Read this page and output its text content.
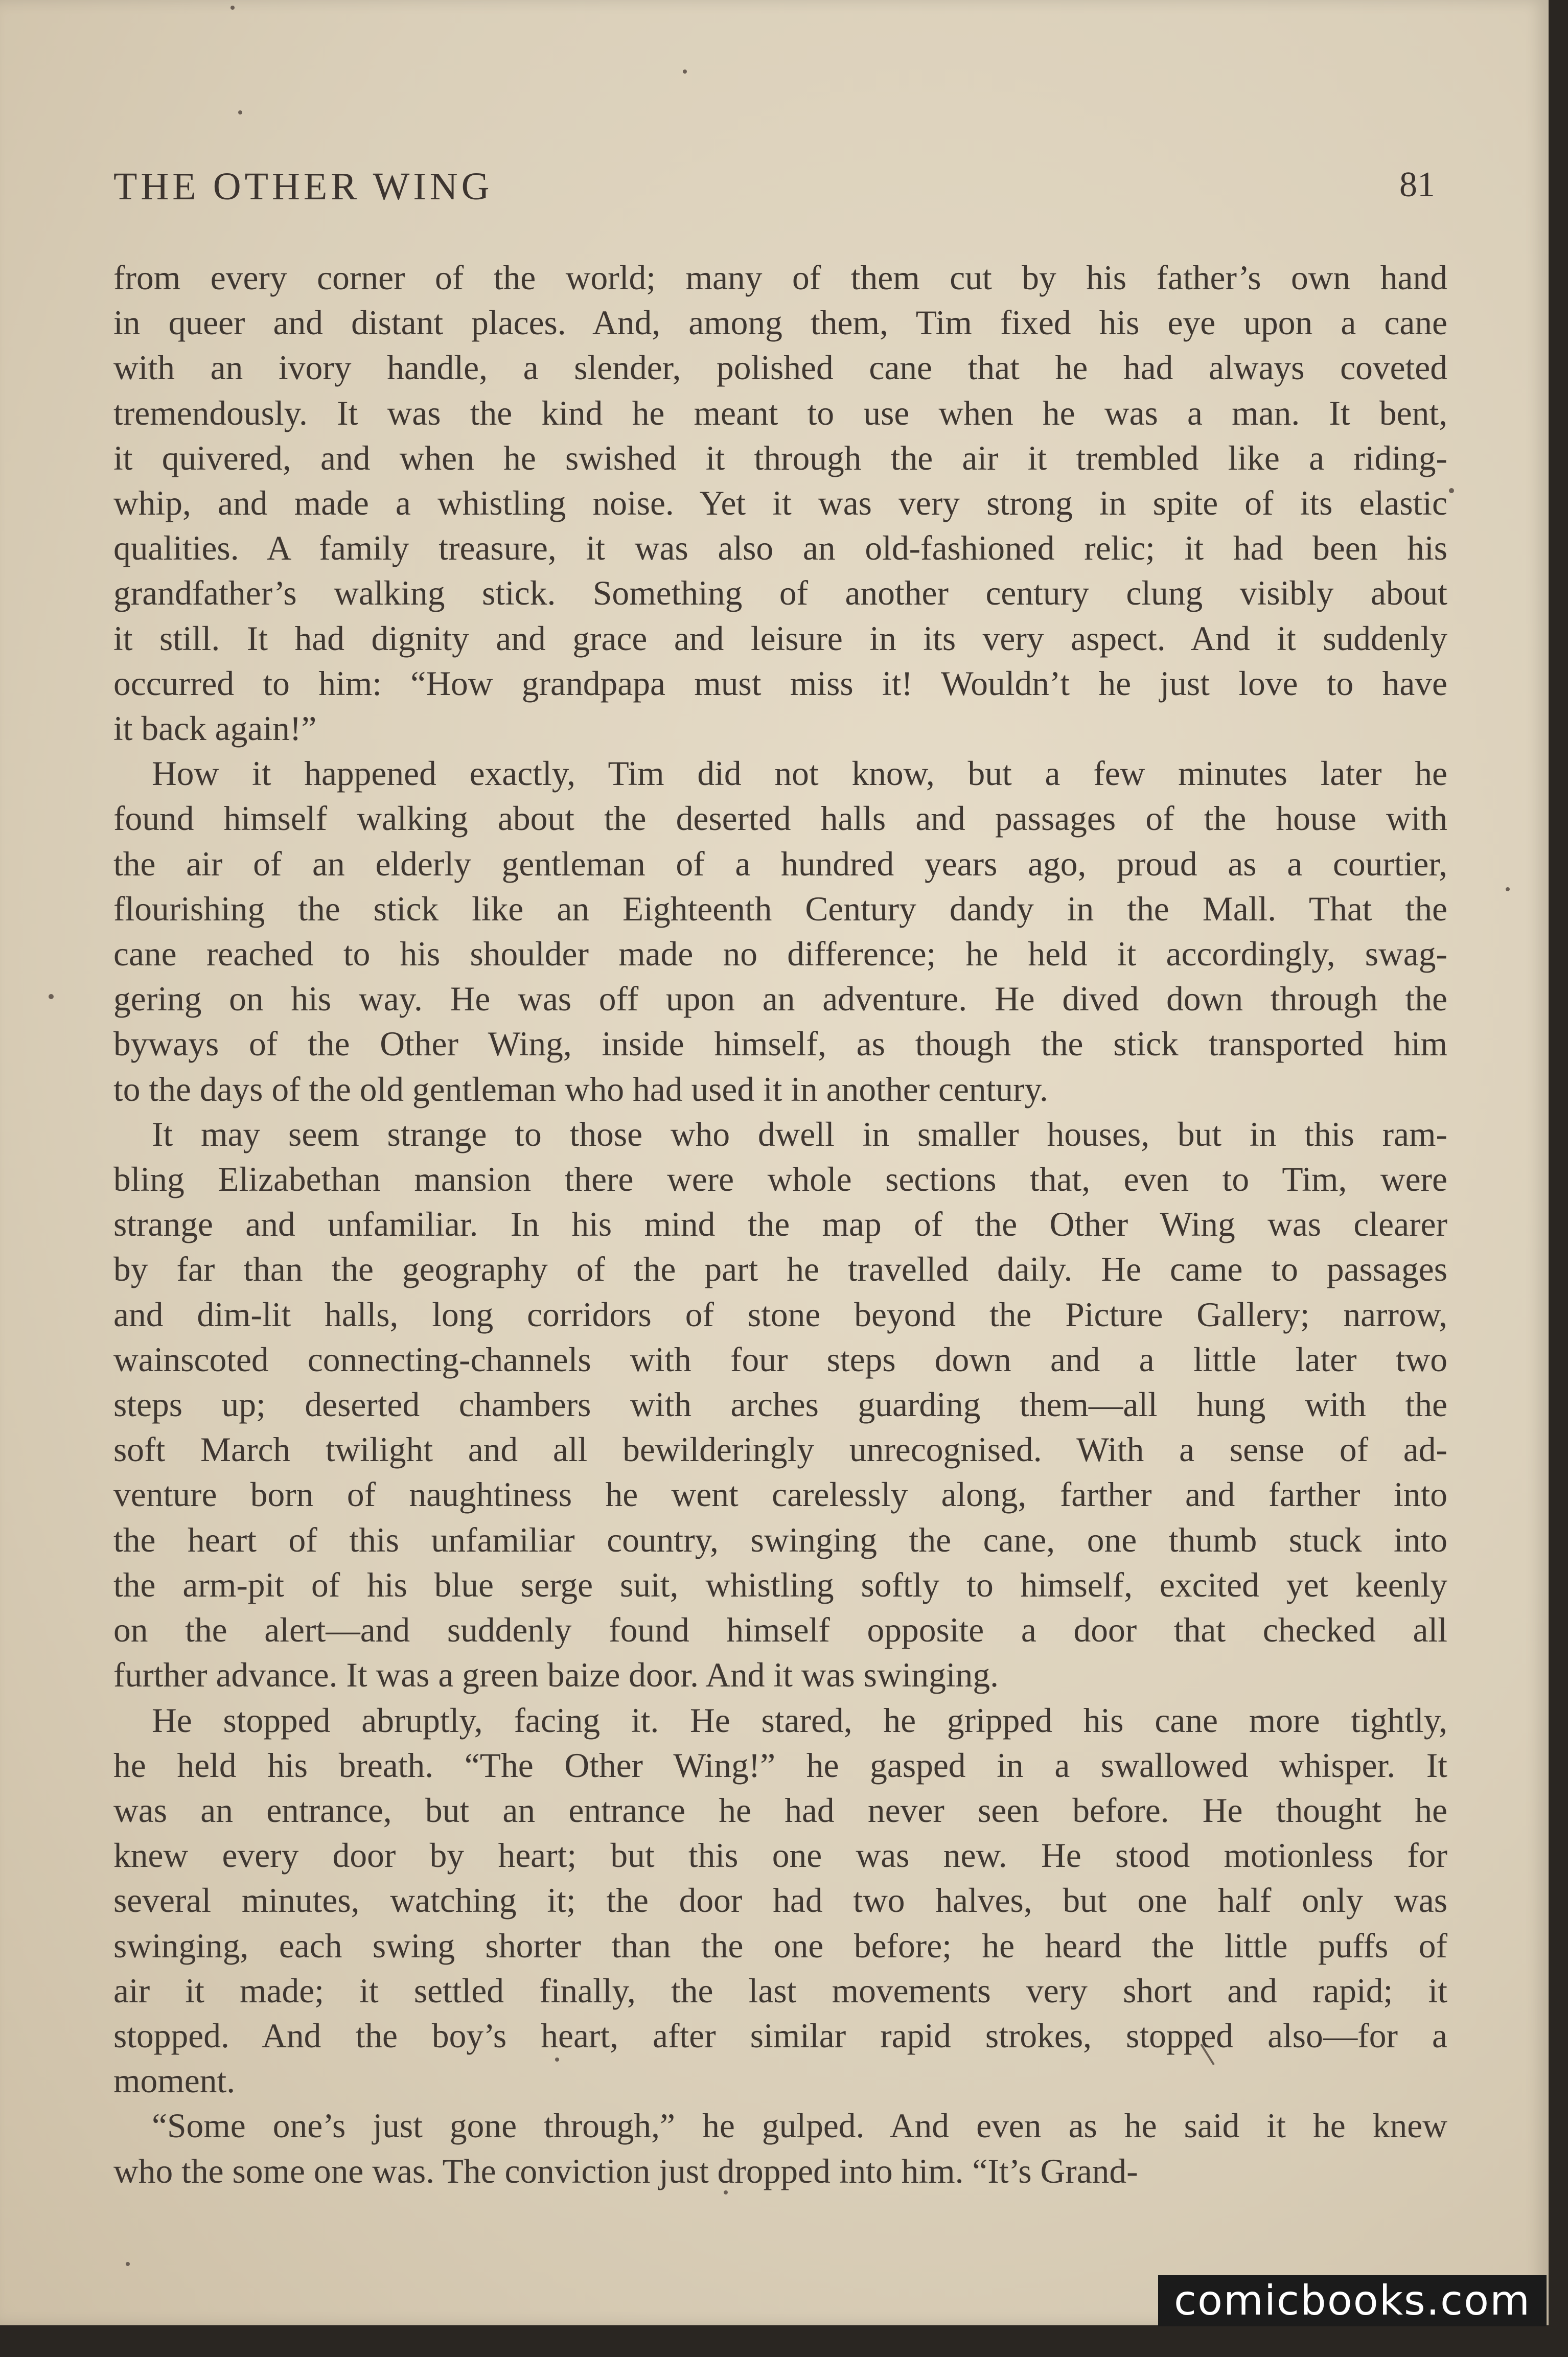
THE OTHER WING	81

from every corner of the world; many of them cut by his father’s own hand
in queer and distant places. And, among them, Tim fixed his eye upon a cane
with an ivory handle, a slender, polished cane that he had always coveted
tremendously. It was the kind he meant to use when he was a man. It bent,
it quivered, and when he swished it through the air it trembled like a riding-
whip, and made a whistling noise. Yet it was very strong in spite of its elastic
qualities. A family treasure, it was also an old-fashioned relic; it had been his
grandfather’s walking stick. Something of another century clung visibly about
it still. It had dignity and grace and leisure in its very aspect. And it suddenly
occurred to him: “How grandpapa must miss it! Wouldn’t he just love to have
it back again!”

How it happened exactly, Tim did not know, but a few minutes later he
found himself walking about the deserted halls and passages of the house with
the air of an elderly gentleman of a hundred years ago, proud as a courtier,
flourishing the stick like an Eighteenth Century dandy in the Mall. That the
cane reached to his shoulder made no difference; he held it accordingly, swag-
gering on his way. He was off upon an adventure. He dived down through the
byways of the Other Wing, inside himself, as though the stick transported him
to the days of the old gentleman who had used it in another century.

It may seem strange to those who dwell in smaller houses, but in this ram-
bling Elizabethan mansion there were whole sections that, even to Tim, were
strange and unfamiliar. In his mind the map of the Other Wing was clearer
by far than the geography of the part he travelled daily. He came to passages
and dim-lit halls, long corridors of stone beyond the Picture Gallery; narrow,
wainscoted connecting-channels with four steps down and a little later two
steps up; deserted chambers with arches guarding them—all hung with the
soft March twilight and all bewilderingly unrecognised. With a sense of ad-
venture born of naughtiness he went carelessly along, farther and farther into
the heart of this unfamiliar country, swinging the cane, one thumb stuck into
the arm-pit of his blue serge suit, whistling softly to himself, excited yet keenly
on the alert—and suddenly found himself opposite a door that checked all
further advance. It was a green baize door. And it was swinging.

He stopped abruptly, facing it. He stared, he gripped his cane more tightly,
he held his breath. “The Other Wing!” he gasped in a swallowed whisper. It
was an entrance, but an entrance he had never seen before. He thought he
knew every door by heart; but this one was new. He stood motionless for
several minutes, watching it; the door had two halves, but one half only was
swinging, each swing shorter than the one before; he heard the little puffs of
air it made; it settled finally, the last movements very short and rapid; it
stopped. And the boy’s heart, after similar rapid strokes, stopped also—for a
moment.

“Some one’s just gone through,” he gulped. And even as he said it he knew
who the some one was. The conviction just dropped into him. “It’s Grand-

comicbooks.com
